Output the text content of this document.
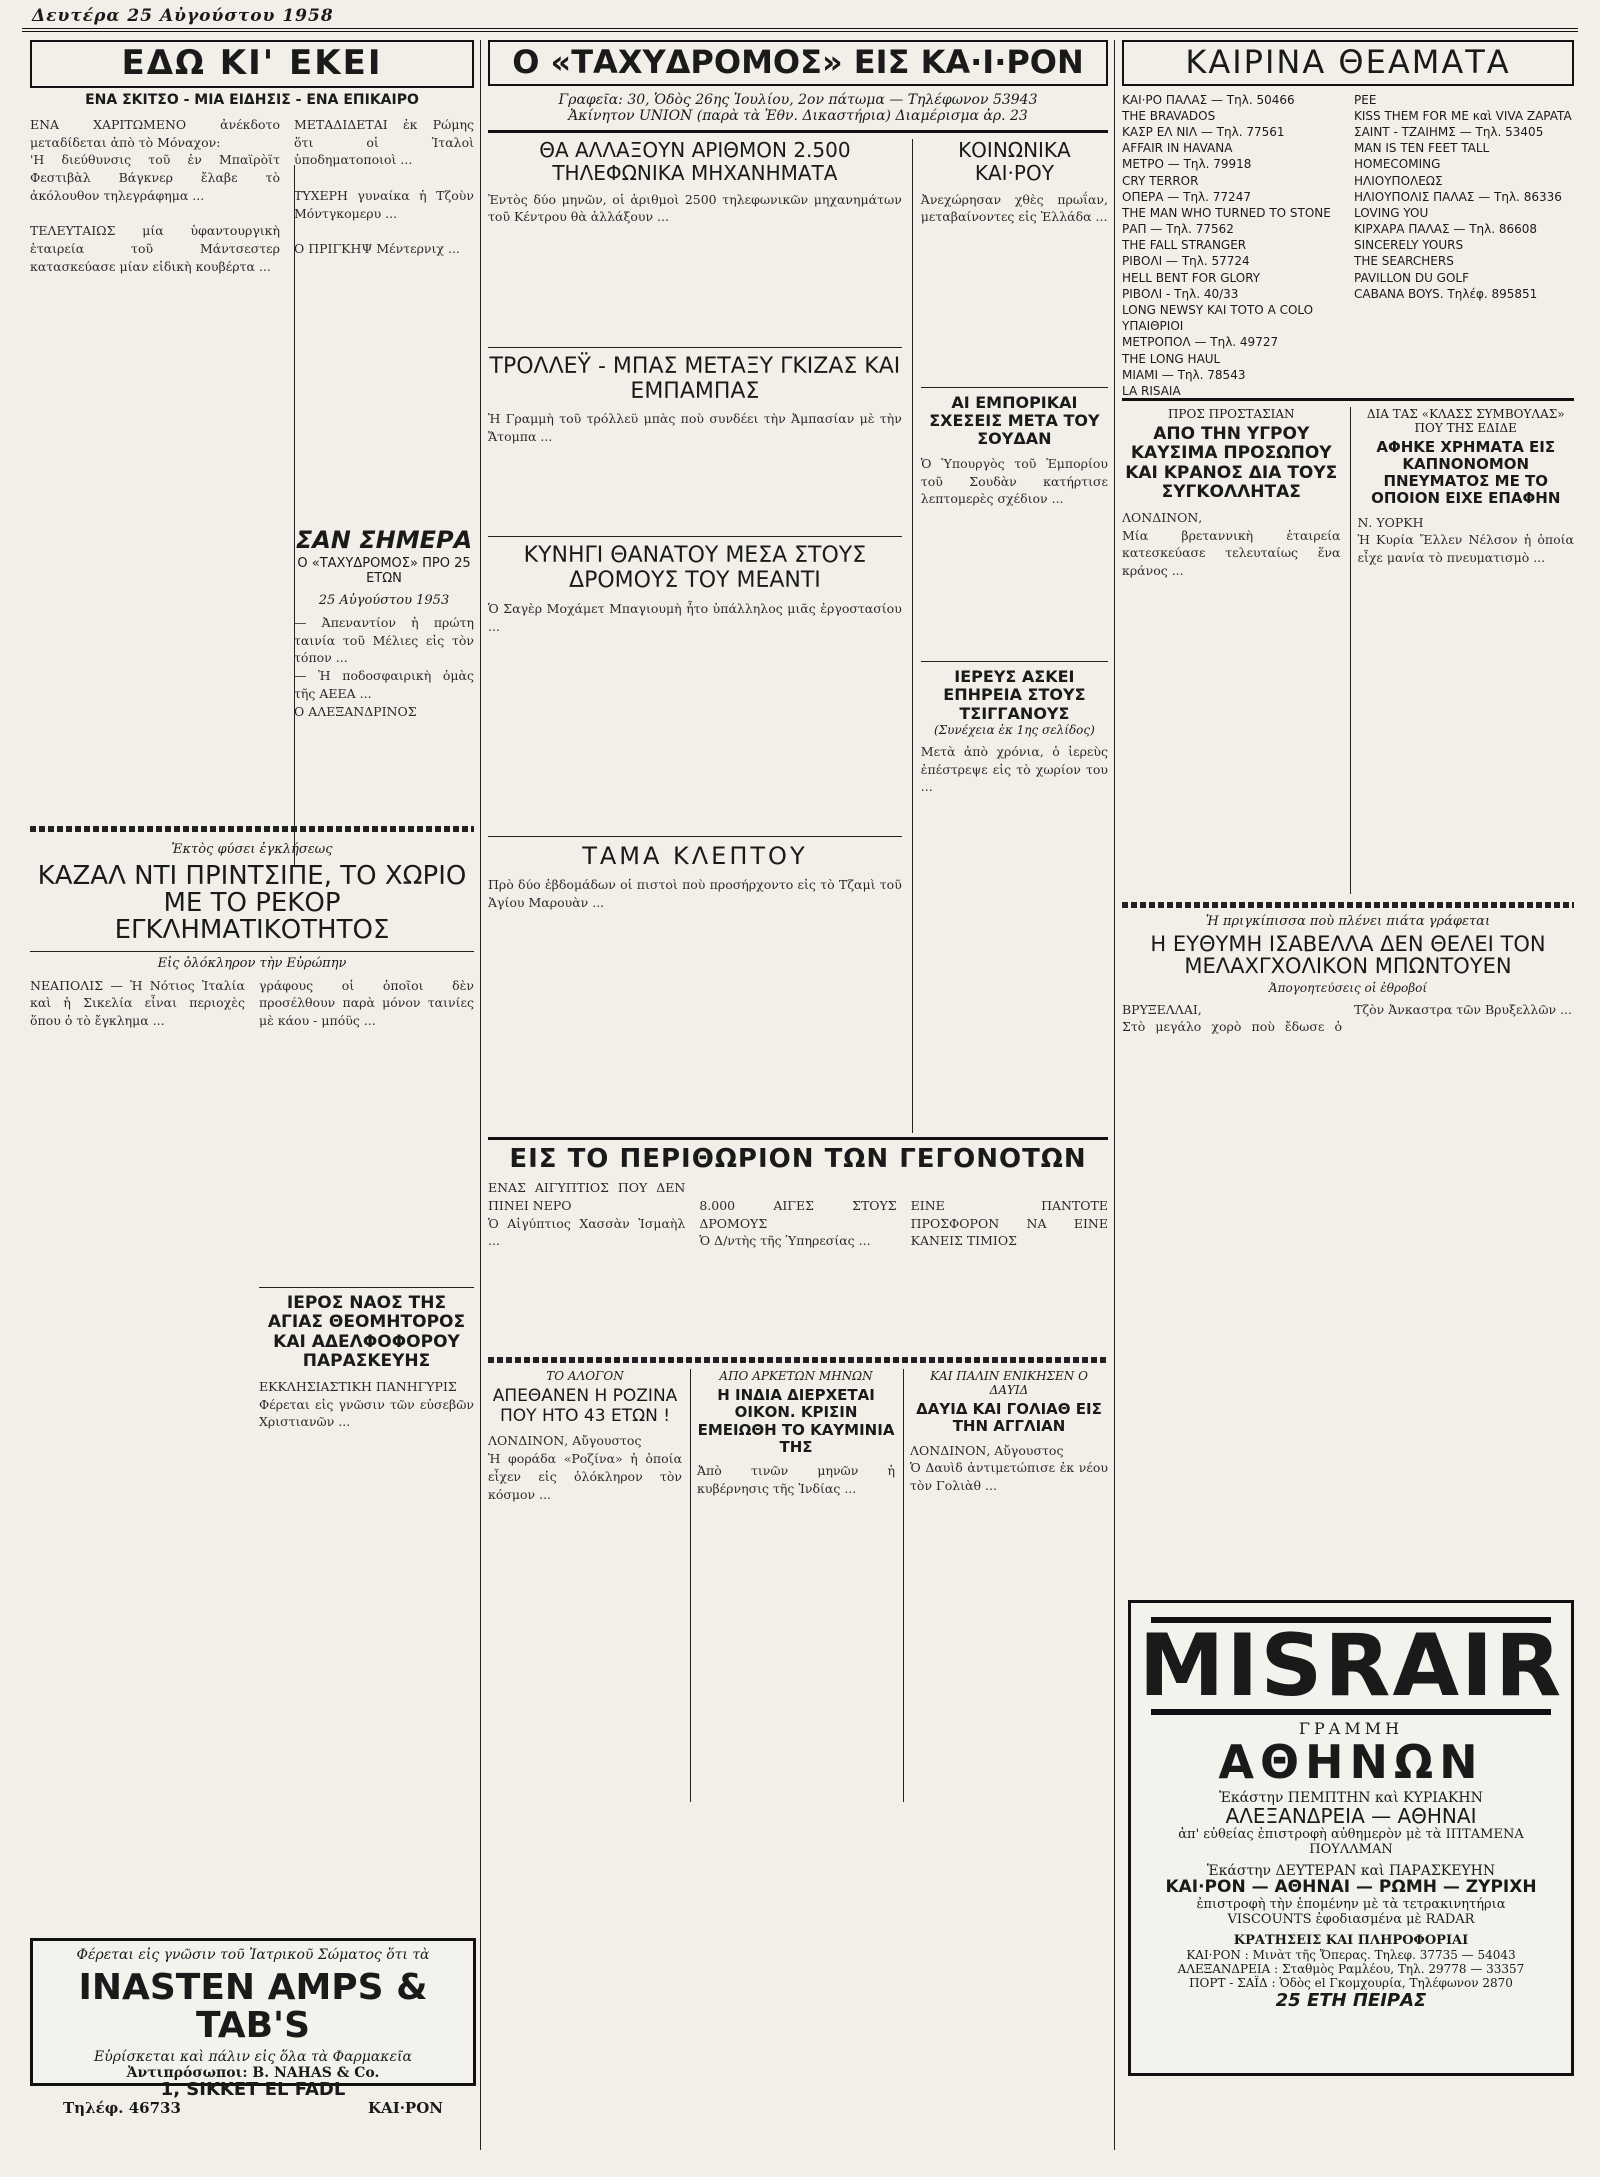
Δευτέρα 25 Αὐγούστου 1958
ΕΔΩ ΚΙ' ΕΚΕΙ
ΕΝΑ ΣΚΙΤΣΟ - ΜΙΑ ΕΙΔΗΣΙΣ - ΕΝΑ ΕΠΙΚΑΙΡΟ
ΕΝΑ ΧΑΡΙΤΩΜΕΝΟ ἀνέκδοτο μεταδίδεται ἀπὸ τὸ Μόναχον:
'Η διεύθυνσις τοῦ ἐν Μπαϊρὸϊτ Φεστιβὰλ Βάγκνερ ἔλαβε τὸ ἀκόλουθον τηλεγράφημα ...

ΤΕΛΕΥΤΑΙΩΣ μία ὑφαντουργικὴ ἑταιρεία τοῦ Μάντσεστερ κατασκεύασε μίαν εἰδικὴ κουβέρτα ...
ΜΕΤΑΔΙΔΕΤΑΙ ἐκ Ρώμης ὅτι οἱ Ἰταλοὶ ὑποδηματοποιοὶ ...

ΤΥΧΕΡΗ γυναίκα ἡ Τζοὺν Μόντγκομερυ ...

Ο ΠΡΙΓΚΗΨ Μέντερνιχ ...
ΣΑΝ ΣΗΜΕΡΑ
Ο «ΤΑΧΥΔΡΟΜΟΣ» ΠΡΟ 25 ΕΤΩΝ
25 Αὐγούστου 1953
— Ἀπεναντίον ἡ πρώτη ταινία τοῦ Μέλιες εἰς τὸν τόπον ...
— Ἡ ποδοσφαιρικὴ ὁμὰς τῆς ΑΕΕΑ ...
Ο ΑΛΕΞΑΝΔΡΙΝΟΣ
Ἐκτὸς φύσει ἐγκλήσεως
ΚΑΖΑΛ ΝΤΙ ΠΡΙΝΤΣΙΠΕ, ΤΟ ΧΩΡΙΟ ΜΕ ΤΟ ΡΕΚΟΡ ΕΓΚΛΗΜΑΤΙΚΟΤΗΤΟΣ
Εἰς ὁλόκληρον τὴν Εὐρώπην
ΝΕΑΠΟΛΙΣ — Ἡ Νότιος Ἰταλία καὶ ἡ Σικελία εἶναι περιοχὲς ὅπου ὁ τὸ ἔγκλημα ...
γράφους οἱ ὁποῖοι δὲν προσέλθουν παρὰ μόνον ταινίες μὲ κάου - μπόϋς ...
ΙΕΡΟΣ ΝΑΟΣ ΤΗΣ ΑΓΙΑΣ ΘΕΟΜΗΤΟΡΟΣ ΚΑΙ ΑΔΕΛΦΟΦΟΡΟΥ ΠΑΡΑΣΚΕΥΗΣ
ΕΚΚΛΗΣΙΑΣΤΙΚΗ ΠΑΝΗΓΥΡΙΣ
Φέρεται εἰς γνῶσιν τῶν εὐσεβῶν Χριστιανῶν ...
Φέρεται εἰς γνῶσιν τοῦ Ἰατρικοῦ Σώματος ὅτι τὰ
INASTEN AMPS & TAB'S
Εὑρίσκεται καὶ πάλιν εἰς ὅλα τὰ Φαρμακεῖα
Ἀντιπρόσωποι: B. NAHAS & Co.
1, SIKKET EL FADL
Τηλέφ. 46733	ΚΑΙ·ΡΟΝ
Ο «ΤΑΧΥΔΡΟΜΟΣ» ΕΙΣ ΚΑ·Ι·ΡΟΝ
Γραφεῖα: 30, Ὁδὸς 26ης Ἰουλίου, 2ον πάτωμα — Τηλέφωνον 53943
Ἀκίνητον UNION (παρὰ τὰ Ἐθν. Δικαστήρια) Διαμέρισμα ἀρ. 23
ΘΑ ΑΛΛΑΞΟΥΝ ΑΡΙΘΜΟΝ 2.500 ΤΗΛΕΦΩΝΙΚΑ ΜΗΧΑΝΗΜΑΤΑ
Ἐντὸς δύο μηνῶν, οἱ ἀριθμοὶ 2500 τηλεφωνικῶν μηχανημάτων τοῦ Κέντρου θὰ ἀλλάξουν ...
ΤΡΟΛΛΕΫ - ΜΠΑΣ ΜΕΤΑΞΥ ΓΚΙΖΑΣ ΚΑΙ ΕΜΠΑΜΠΑΣ
Ἡ Γραμμὴ τοῦ τρόλλεϋ μπὰς ποὺ συνδέει τὴν Ἀμπασίαν μὲ τὴν Ἄτομπα ...
ΚΥΝΗΓΙ ΘΑΝΑΤΟΥ ΜΕΣΑ ΣΤΟΥΣ ΔΡΟΜΟΥΣ ΤΟΥ ΜΕΑΝΤΙ
Ὁ Σαγὲρ Μοχάμετ Μπαγιουμὴ ἦτο ὑπάλληλος μιᾶς ἐργοστασίου ...
ΤΑΜΑ ΚΛΕΠΤΟΥ
Πρὸ δύο ἑβδομάδων οἱ πιστοὶ ποὺ προσήρχοντο εἰς τὸ Τζαμὶ τοῦ Ἁγίου Μαρουὰν ...
ΚΟΙΝΩΝΙΚΑ ΚΑΙ·ΡΟΥ
Ἀνεχώρησαν χθὲς πρωΐαν, μεταβαίνοντες εἰς Ἑλλάδα ...
ΑΙ ΕΜΠΟΡΙΚΑΙ ΣΧΕΣΕΙΣ ΜΕΤΑ ΤΟΥ ΣΟΥΔΑΝ
Ὁ Ὑπουργὸς τοῦ Ἐμπορίου τοῦ Σουδὰν κατήρτισε λεπτομερὲς σχέδιον ...
ΙΕΡΕΥΣ ΑΣΚΕΙ ΕΠΗΡΕΙΑ ΣΤΟΥΣ ΤΣΙΓΓΑΝΟΥΣ
(Συνέχεια ἐκ 1ης σελίδος)
Μετὰ ἀπὸ χρόνια, ὁ ἱερεὺς ἐπέστρεψε εἰς τὸ χωρίον του ...
ΕΙΣ ΤΟ ΠΕΡΙΘΩΡΙΟΝ ΤΩΝ ΓΕΓΟΝΟΤΩΝ
ΕΝΑΣ ΑΙΓΥΠΤΙΟΣ ΠΟΥ ΔΕΝ ΠΙΝΕΙ ΝΕΡΟ
Ὁ Αἰγύπτιος Χασσὰν Ἰσμαὴλ ...

8.000 ΑΙΓΕΣ ΣΤΟΥΣ ΔΡΟΜΟΥΣ
Ὁ Δ/ντὴς τῆς Ὑπηρεσίας ...

ΕΙΝΕ ΠΑΝΤΟΤΕ ΠΡΟΣΦΟΡΟΝ ΝΑ ΕΙΝΕ ΚΑΝΕΙΣ ΤΙΜΙΟΣ
ΤΟ ΑΛΟΓΟΝ
ΑΠΕΘΑΝΕΝ Η ΡΟΖΙΝΑ ΠΟΥ ΗΤΟ 43 ΕΤΩΝ !
ΛΟΝΔΙΝΟΝ, Αὔγουστος
Ἡ φοράδα «Ροζίνα» ἡ ὁποία εἶχεν εἰς ὁλόκληρον τὸν κόσμον ...
ΑΠΟ ΑΡΚΕΤΩΝ ΜΗΝΩΝ
Η ΙΝΔΙΑ ΔΙΕΡΧΕΤΑΙ ΟΙΚΟΝ. ΚΡΙΣΙΝ ΕΜΕΙΩΘΗ ΤΟ ΚΑΥΜΙΝΙΑ ΤΗΣ
Ἀπὸ τινῶν μηνῶν ἡ κυβέρνησις τῆς Ἰνδίας ...
ΚΑΙ ΠΑΛΙΝ ΕΝΙΚΗΣΕΝ Ο ΔΑΥΙΔ
ΔΑΥΙΔ ΚΑΙ ΓΟΛΙΑΘ ΕΙΣ ΤΗΝ ΑΓΓΛΙΑΝ
ΛΟΝΔΙΝΟΝ, Αὔγουστος
Ὁ Δαυὶδ ἀντιμετώπισε ἐκ νέου τὸν Γολιὰθ ...
ΚΑΙΡΙΝΑ ΘΕΑΜΑΤΑ
ΚΑΙ·ΡΟ ΠΑΛΑΣ — Τηλ. 50466
THE BRAVADOS
ΚΑΣΡ ΕΛ ΝΙΛ — Τηλ. 77561
AFFAIR IN HAVANA
ΜΕΤΡΟ — Τηλ. 79918
CRY TERROR
ΟΠΕΡΑ — Τηλ. 77247
THE MAN WHO TURNED TO STONE
ΡΑΠ — Τηλ. 77562
THE FALL STRANGER
ΡΙΒΟΛΙ — Τηλ. 57724
HELL BENT FOR GLORY
ΡΙΒΟΛΙ - Τηλ. 40/33
LONG NEWSY KAI TOTO A COLO
ΥΠΑΙΘΡΙΟΙ
ΜΕΤΡΟΠΟΛ — Τηλ. 49727
THE LONG HAUL
ΜΙΑΜΙ — Τηλ. 78543
LA RISAIA
PEE
KISS THEM FOR ME καὶ VIVA ZAPATA
ΣΑΙΝΤ - ΤΖΑΙΗΜΣ — Τηλ. 53405
MAN IS TEN FEET TALL
HOMECOMING
ΗΛΙΟΥΠΟΛΕΩΣ
ΗΛΙΟΥΠΟΛΙΣ ΠΑΛΑΣ — Τηλ. 86336
LOVING YOU
ΚΙΡΧΑΡΑ ΠΑΛΑΣ — Τηλ. 86608
SINCERELY YOURS
THE SEARCHERS
PAVILLON DU GOLF
CABANA BOYS. Τηλέφ. 895851
ΠΡΟΣ ΠΡΟΣΤΑΣΙΑΝ
ΑΠΟ ΤΗΝ ΥΓΡΟΥ ΚΑΥΣΙΜΑ ΠΡΟΣΩΠΟΥ ΚΑΙ ΚΡΑΝΟΣ ΔΙΑ ΤΟΥΣ ΣΥΓΚΟΛΛΗΤΑΣ
ΛΟΝΔΙΝΟΝ,
Μία βρεταννικὴ ἑταιρεία κατεσκεύασε τελευταίως ἕνα κράνος ...
ΔΙΑ ΤΑΣ «ΚΛΑΣΣ ΣΥΜΒΟΥΛΑΣ» ΠΟΥ ΤΗΣ ΕΔΙΔΕ
ΑΦΗΚΕ ΧΡΗΜΑΤΑ ΕΙΣ ΚΑΠΝΟΝΟΜΟΝ ΠΝΕΥΜΑΤΟΣ ΜΕ ΤΟ ΟΠΟΙΟΝ ΕΙΧΕ ΕΠΑΦΗΝ
Ν. ΥΟΡΚΗ
Ἡ Κυρία Ἔλλεν Νέλσον ἡ ὁποία εἶχε μανία τὸ πνευματισμὸ ...
Ἡ πριγκίπισσα ποὺ πλένει πιάτα γράφεται
Η ΕΥΘΥΜΗ ΙΣΑΒΕΛΛΑ ΔΕΝ ΘΕΛΕΙ ΤΟΝ ΜΕΛΑΧΓΧΟΛΙΚΟΝ ΜΠΩΝΤΟΥΕΝ
Ἀπογοητεύσεις οἱ ἐθροβοί
ΒΡΥΞΕΛΛΑΙ,
Στὸ μεγάλο χορὸ ποὺ ἔδωσε ὁ Τζὸν Ἀνκαστρα τῶν Βρυξελλῶν ...
MISRAIR
ΓΡΑΜΜΗ
ΑΘΗΝΩΝ
Ἑκάστην ΠΕΜΠΤΗΝ καὶ ΚΥΡΙΑΚΗΝ
ΑΛΕΞΑΝΔΡΕΙΑ — ΑΘΗΝΑΙ
ἀπ' εὐθείας ἐπιστροφὴ αὐθημερὸν μὲ τὰ ΙΠΤΑΜΕΝΑ ΠΟΥΛΛΜΑΝ
Ἑκάστην ΔΕΥΤΕΡΑΝ καὶ ΠΑΡΑΣΚΕΥΗΝ
ΚΑΙ·ΡΟΝ — ΑΘΗΝΑΙ — ΡΩΜΗ — ΖΥΡΙΧΗ
ἐπιστροφὴ τὴν ἑπομένην μὲ τὰ τετρακινητήρια VISCOUNTS ἐφοδιασμένα μὲ RADAR
ΚΡΑΤΗΣΕΙΣ ΚΑΙ ΠΛΗΡΟΦΟΡΙΑΙ
ΚΑΙ·ΡΟΝ : Μινὰτ τῆς Ὄπερας. Τηλεφ. 37735 — 54043
ΑΛΕΞΑΝΔΡΕΙΑ : Σταθμὸς Ραμλέου, Τηλ. 29778 — 33357
ΠΟΡΤ - ΣΑΪΔ : Ὁδὸς el Γκομχουρία, Τηλέφωνον 2870
25 ΕΤΗ ΠΕΙΡΑΣ
